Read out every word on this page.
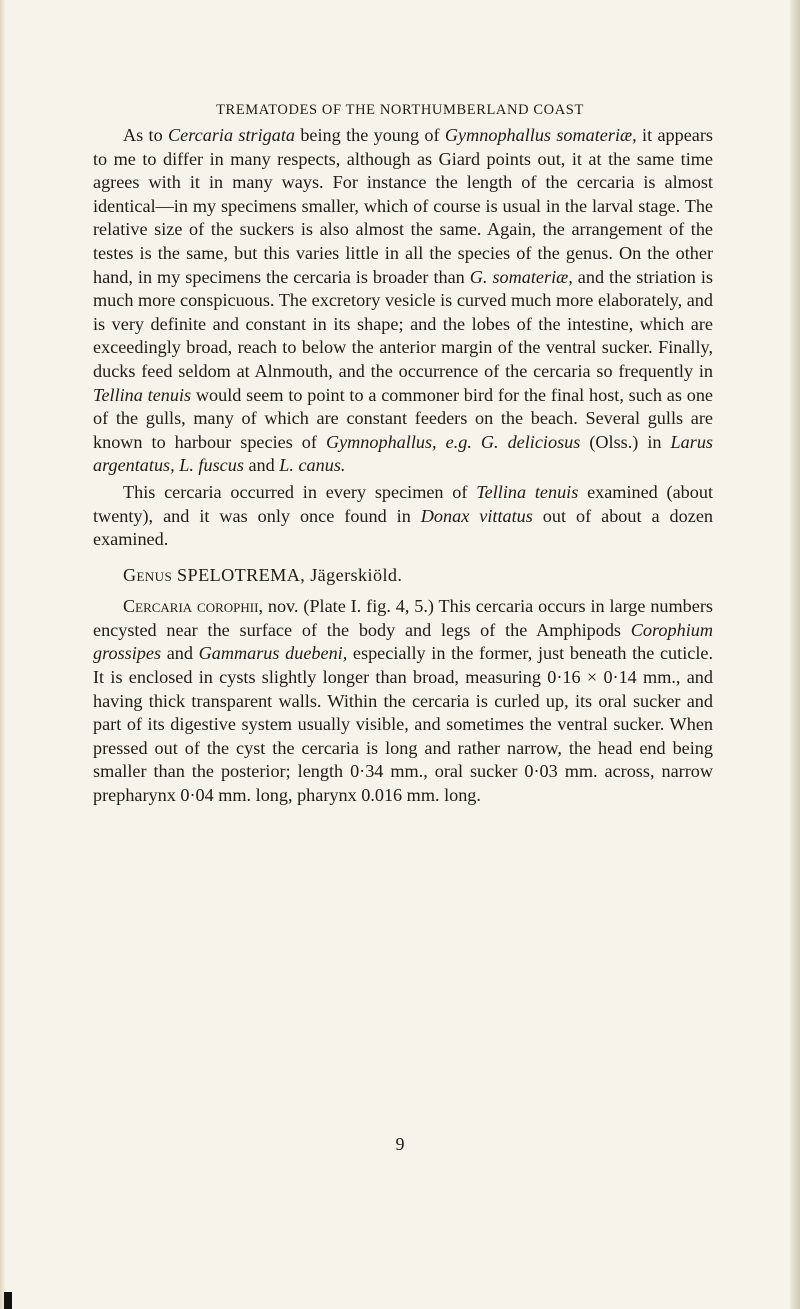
TREMATODES OF THE NORTHUMBERLAND COAST

As to Cercaria strigata being the young of Gymnophallus somateriæ, it appears to me to differ in many respects, although as Giard points out, it at the same time agrees with it in many ways. For instance the length of the cercaria is almost identical—in my specimens smaller, which of course is usual in the larval stage. The relative size of the suckers is also almost the same. Again, the arrangement of the testes is the same, but this varies little in all the species of the genus. On the other hand, in my specimens the cercaria is broader than G. somateriæ, and the striation is much more conspicuous. The excretory vesicle is curved much more elaborately, and is very definite and constant in its shape; and the lobes of the intestine, which are exceedingly broad, reach to below the anterior margin of the ventral sucker. Finally, ducks feed seldom at Alnmouth, and the occurrence of the cercaria so frequently in Tellina tenuis would seem to point to a commoner bird for the final host, such as one of the gulls, many of which are constant feeders on the beach. Several gulls are known to harbour species of Gymnophallus, e.g. G. deliciosus (Olss.) in Larus argentatus, L. fuscus and L. canus.

This cercaria occurred in every specimen of Tellina tenuis examined (about twenty), and it was only once found in Donax vittatus out of about a dozen examined.

Genus SPELOTREMA, Jägerskiöld.

Cercaria corophii, nov. (Plate I. fig. 4, 5.) This cercaria occurs in large numbers encysted near the surface of the body and legs of the Amphipods Corophium grossipes and Gammarus duebeni, especially in the former, just beneath the cuticle. It is enclosed in cysts slightly longer than broad, measuring 0·16 × 0·14 mm., and having thick transparent walls. Within the cercaria is curled up, its oral sucker and part of its digestive system usually visible, and sometimes the ventral sucker. When pressed out of the cyst the cercaria is long and rather narrow, the head end being smaller than the posterior; length 0·34 mm., oral sucker 0·03 mm. across, narrow prepharynx 0·04 mm. long, pharynx 0.016 mm. long.

9
